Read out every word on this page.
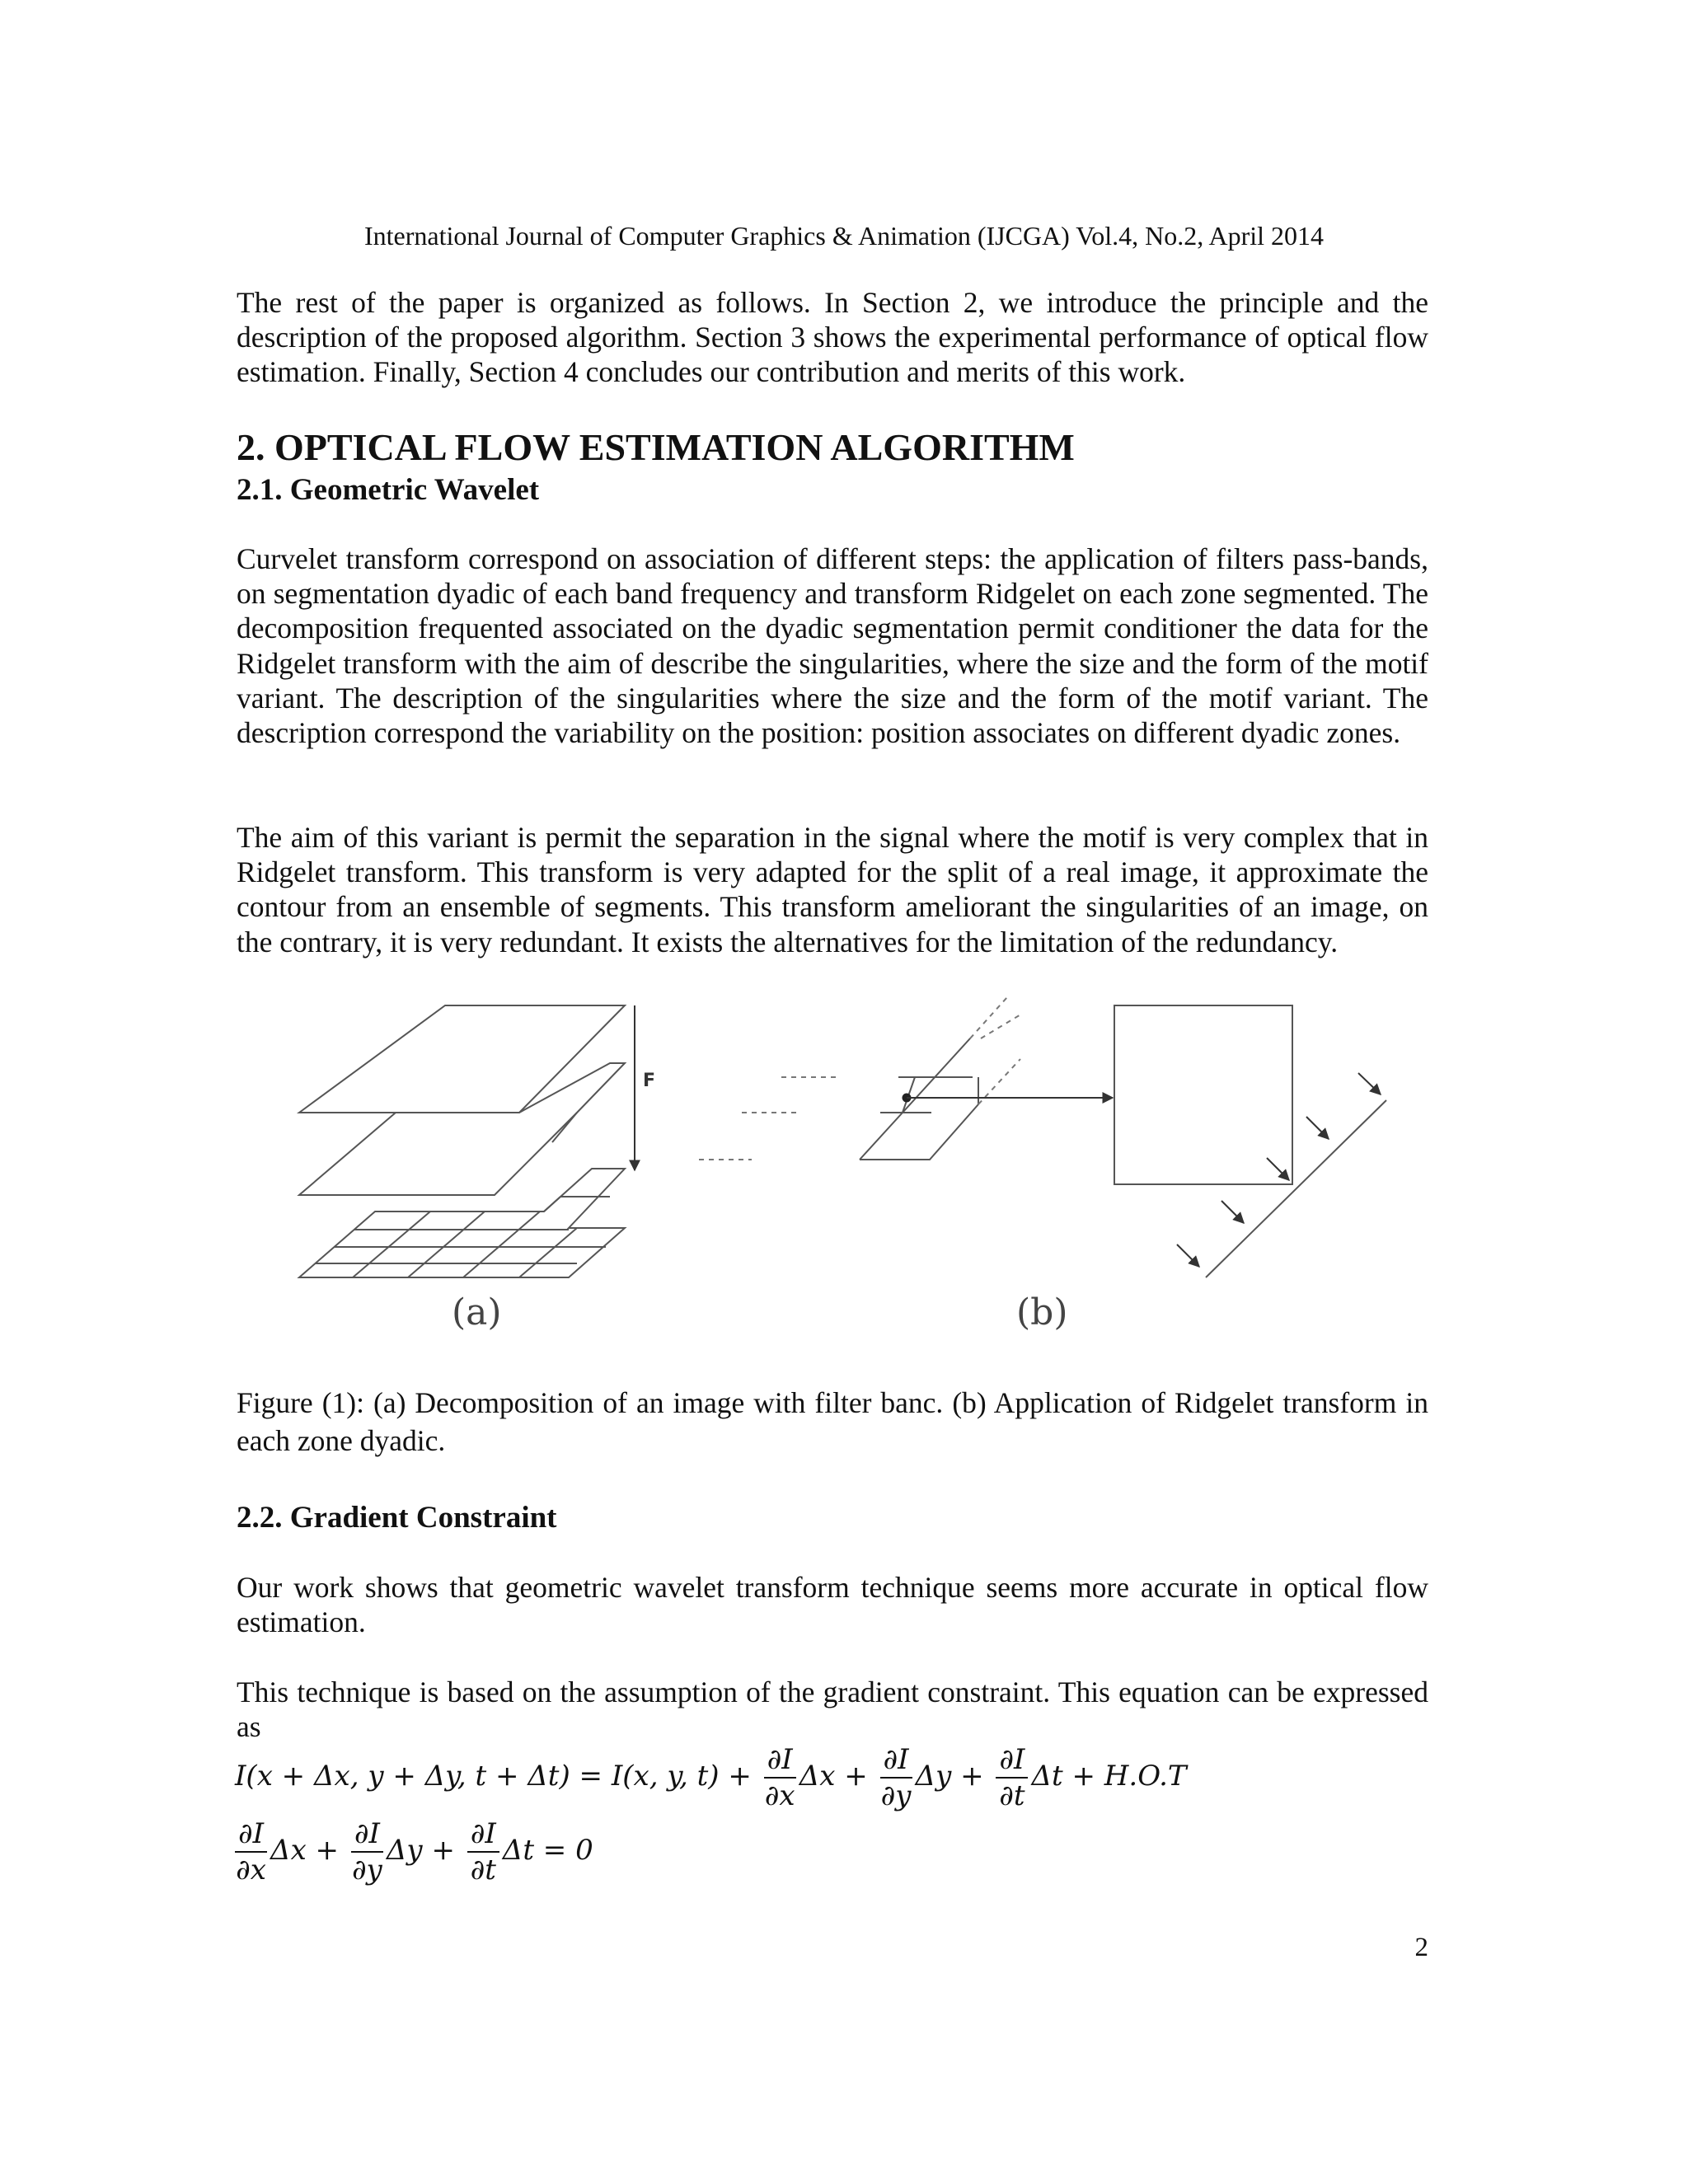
International Journal of Computer Graphics & Animation (IJCGA) Vol.4, No.2, April 2014

The rest of the paper is organized as follows. In Section 2, we introduce the principle and the description of the proposed algorithm. Section 3 shows the experimental performance of optical flow estimation. Finally, Section 4 concludes our contribution and merits of this work.

2. OPTICAL FLOW ESTIMATION ALGORITHM
2.1. Geometric Wavelet

Curvelet transform correspond on association of different steps: the application of filters pass-bands, on segmentation dyadic of each band frequency and transform Ridgelet on each zone segmented. The decomposition frequented associated on the dyadic segmentation permit conditioner the data for the Ridgelet transform with the aim of describe the singularities, where the size and the form of the motif variant. The description of the singularities where the size and the form of the motif variant. The description correspond the variability on the position: position associates on different dyadic zones.

The aim of this variant is permit the separation in the signal where the motif is very complex that in Ridgelet transform. This transform is very adapted for the split of a real image, it approximate the contour from an ensemble of segments. This transform ameliorant the singularities of an image, on the contrary, it is very redundant. It exists the alternatives for the limitation of the redundancy.

F
(a)	(b)

Figure (1): (a) Decomposition of an image with filter banc. (b) Application of Ridgelet transform in each zone dyadic.

2.2. Gradient Constraint

Our work shows that geometric wavelet transform technique seems more accurate in optical flow estimation.

This technique is based on the assumption of the gradient constraint. This equation can be expressed as

I(x + Δx, y + Δy, t + Δt) = I(x, y, $t) + \frac{\partial I}{\partial x}$ $\Delta x + \frac{\partial I}{\partial y}$ $\Delta y + \frac{\partial I}{\partial t}$ Δt + H.O.T
$\frac{\partial I}{\partial x}$ $\Delta x + \frac{\partial I}{\partial y}$ $\Delta y + \frac{\partial I}{\partial t}$ Δt = 0
2
